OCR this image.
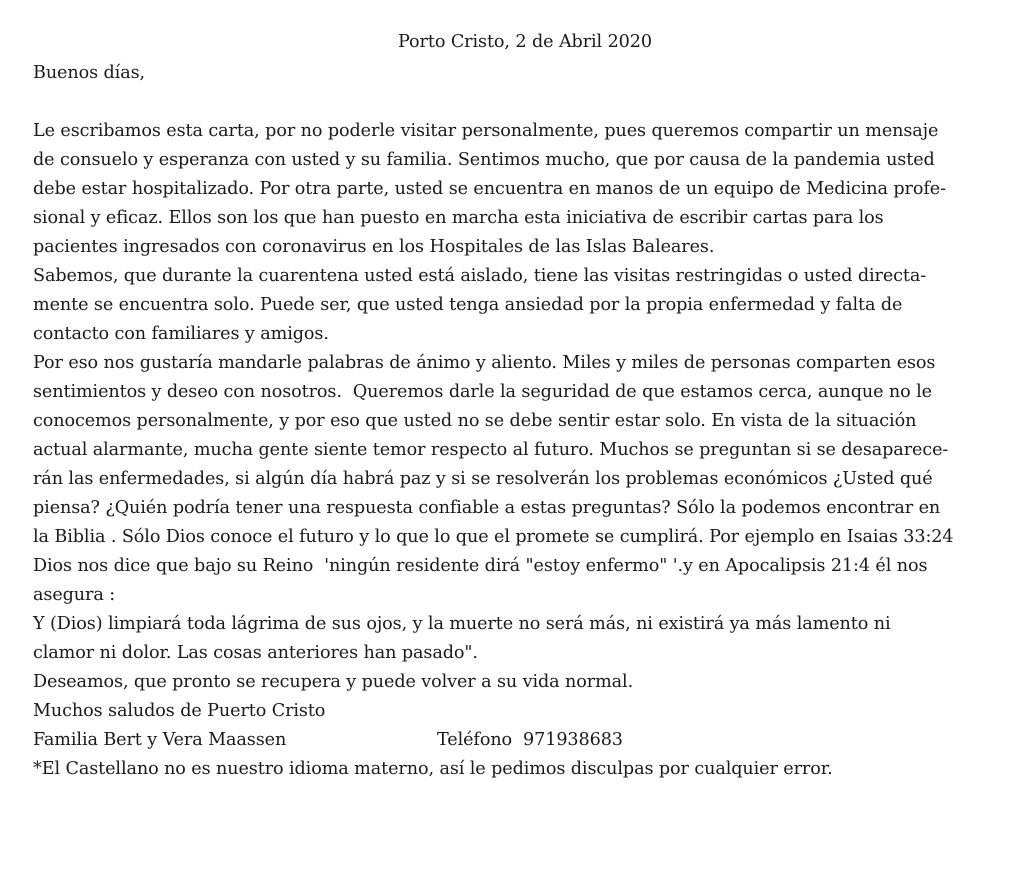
Porto Cristo, 2 de Abril 2020
Buenos días,
Le escribamos esta carta, por no poderle visitar personalmente, pues queremos compartir un mensaje
de consuelo y esperanza con usted y su familia. Sentimos mucho, que por causa de la pandemia usted
debe estar hospitalizado. Por otra parte, usted se encuentra en manos de un equipo de Medicina profe-
sional y eficaz. Ellos son los que han puesto en marcha esta iniciativa de escribir cartas para los
pacientes ingresados con coronavirus en los Hospitales de las Islas Baleares.
Sabemos, que durante la cuarentena usted está aislado, tiene las visitas restringidas o usted directa-
mente se encuentra solo. Puede ser, que usted tenga ansiedad por la propia enfermedad y falta de
contacto con familiares y amigos.
Por eso nos gustaría mandarle palabras de ánimo y aliento. Miles y miles de personas comparten esos
sentimientos y deseo con nosotros.  Queremos darle la seguridad de que estamos cerca, aunque no le
conocemos personalmente, y por eso que usted no se debe sentir estar solo. En vista de la situación
actual alarmante, mucha gente siente temor respecto al futuro. Muchos se preguntan si se desaparece-
rán las enfermedades, si algún día habrá paz y si se resolverán los problemas económicos ¿Usted qué
piensa? ¿Quién podría tener una respuesta confiable a estas preguntas? Sólo la podemos encontrar en
la Biblia . Sólo Dios conoce el futuro y lo que lo que el promete se cumplirá. Por ejemplo en Isaias 33:24
Dios nos dice que bajo su Reino  'ningún residente dirá "estoy enfermo" '.y en Apocalipsis 21:4 él nos
asegura :
Y (Dios) limpiará toda lágrima de sus ojos, y la muerte no será más, ni existirá ya más lamento ni
clamor ni dolor. Las cosas anteriores han pasado".
Deseamos, que pronto se recupera y puede volver a su vida normal.
Muchos saludos de Puerto Cristo
Familia Bert y Vera Maassen	Teléfono  971938683
*El Castellano no es nuestro idioma materno, así le pedimos disculpas por cualquier error.
